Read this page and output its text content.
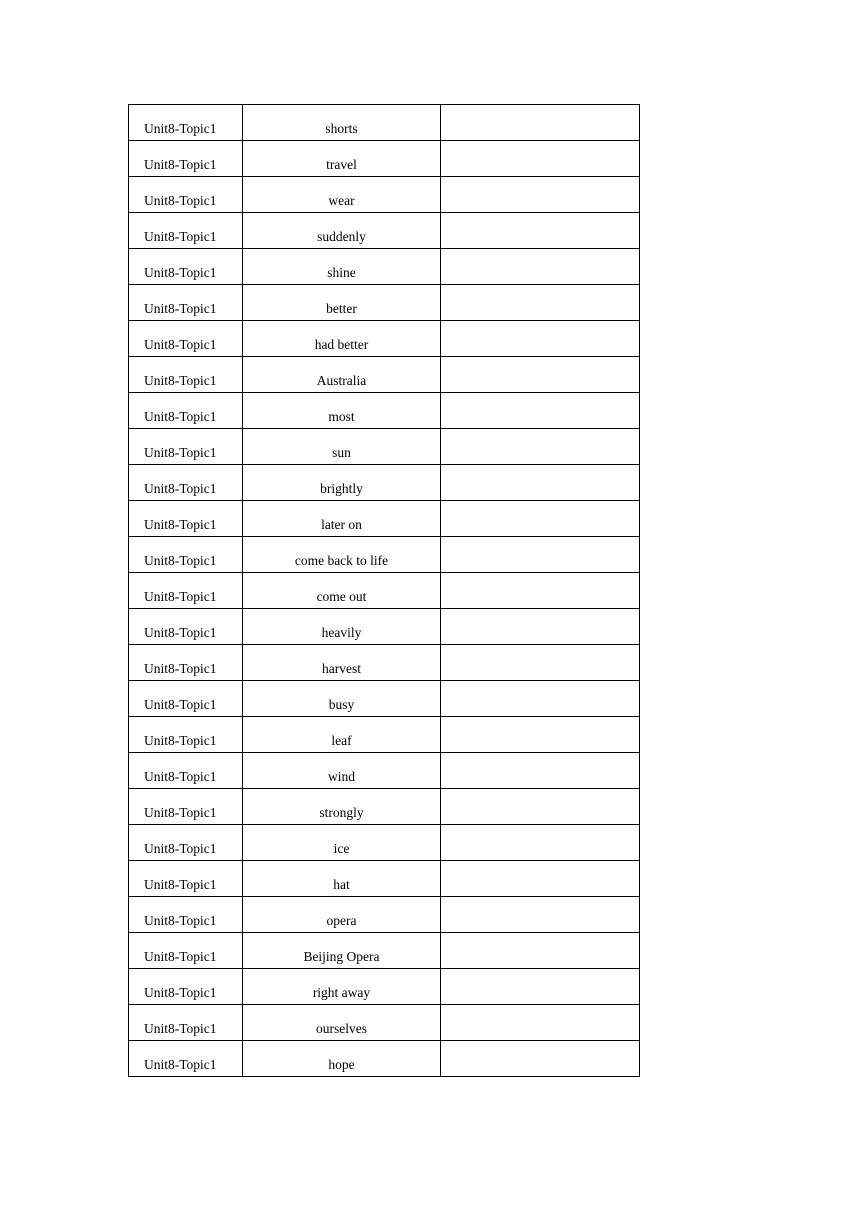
Unit8-Topic1	shorts	
Unit8-Topic1	travel	
Unit8-Topic1	wear	
Unit8-Topic1	suddenly	
Unit8-Topic1	shine	
Unit8-Topic1	better	
Unit8-Topic1	had better	
Unit8-Topic1	Australia	
Unit8-Topic1	most	
Unit8-Topic1	sun	
Unit8-Topic1	brightly	
Unit8-Topic1	later on	
Unit8-Topic1	come back to life	
Unit8-Topic1	come out	
Unit8-Topic1	heavily	
Unit8-Topic1	harvest	
Unit8-Topic1	busy	
Unit8-Topic1	leaf	
Unit8-Topic1	wind	
Unit8-Topic1	strongly	
Unit8-Topic1	ice	
Unit8-Topic1	hat	
Unit8-Topic1	opera	
Unit8-Topic1	Beijing Opera	
Unit8-Topic1	right away	
Unit8-Topic1	ourselves	
Unit8-Topic1	hope	
